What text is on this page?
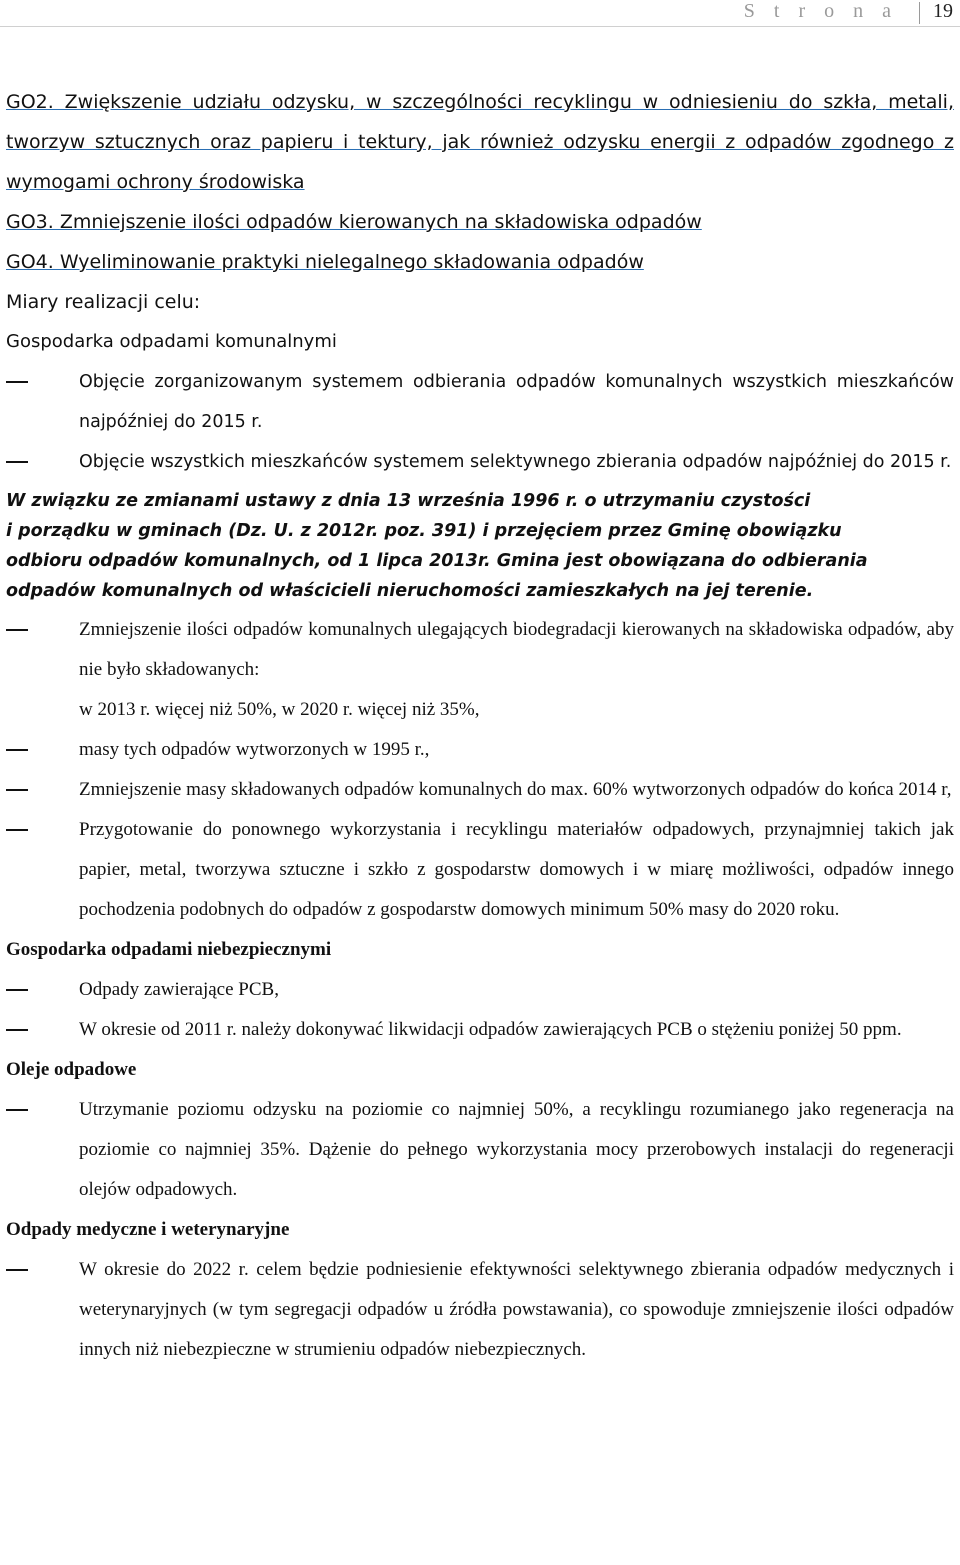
S t r o n a 19

GO2. Zwiększenie udziału odzysku, w szczególności recyklingu w odniesieniu do szkła, metali, tworzyw sztucznych oraz papieru i tektury, jak również odzysku energii z odpadów zgodnego z wymogami ochrony środowiska

GO3. Zmniejszenie ilości odpadów kierowanych na składowiska odpadów

GO4. Wyeliminowanie praktyki nielegalnego składowania odpadów

Miary realizacji celu:

Gospodarka odpadami komunalnymi

Objęcie zorganizowanym systemem odbierania odpadów komunalnych wszystkich mieszkańców najpóźniej do 2015 r.
Objęcie wszystkich mieszkańców systemem selektywnego zbierania odpadów najpóźniej do 2015 r.
W związku ze zmianami ustawy z dnia 13 września 1996 r. o utrzymaniu czystości
i porządku w gminach (Dz. U. z 2012r. poz. 391) i przejęciem przez Gminę obowiązku
odbioru odpadów komunalnych, od 1 lipca 2013r. Gmina jest obowiązana do odbierania
odpadów komunalnych od właścicieli nieruchomości zamieszkałych na jej terenie.
Zmniejszenie ilości odpadów komunalnych ulegających biodegradacji kierowanych na składowiska odpadów, aby nie było składowanych:
w 2013 r. więcej niż 50%, w 2020 r. więcej niż 35%,
masy tych odpadów wytworzonych w 1995 r.,
Zmniejszenie masy składowanych odpadów komunalnych do max. 60% wytworzonych odpadów do końca 2014 r,
Przygotowanie do ponownego wykorzystania i recyklingu materiałów odpadowych, przynajmniej takich jak papier, metal, tworzywa sztuczne i szkło z gospodarstw domowych i w miarę możliwości, odpadów innego pochodzenia podobnych do odpadów z gospodarstw domowych minimum 50% masy do 2020 roku.

Gospodarka odpadami niebezpiecznymi

Odpady zawierające PCB,
W okresie od 2011 r. należy dokonywać likwidacji odpadów zawierających PCB o stężeniu poniżej 50 ppm.

Oleje odpadowe

Utrzymanie poziomu odzysku na poziomie co najmniej 50%, a recyklingu rozumianego jako regeneracja na poziomie co najmniej 35%. Dążenie do pełnego wykorzystania mocy przerobowych instalacji do regeneracji olejów odpadowych.

Odpady medyczne i weterynaryjne

W okresie do 2022 r. celem będzie podniesienie efektywności selektywnego zbierania odpadów medycznych i weterynaryjnych (w tym segregacji odpadów u źródła powstawania), co spowoduje zmniejszenie ilości odpadów innych niż niebezpieczne w strumieniu odpadów niebezpiecznych.
